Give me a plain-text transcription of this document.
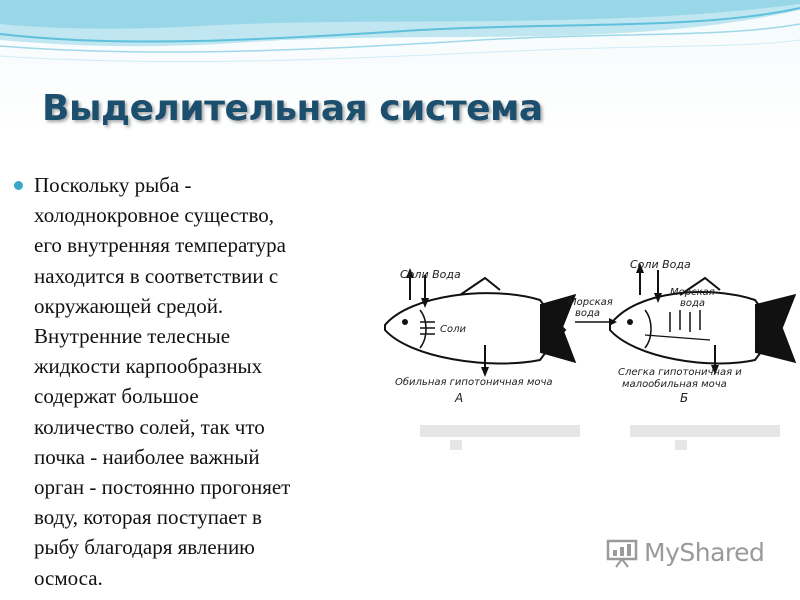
Выделительная система
Поскольку рыба -
холоднокровное существо,
его внутренняя температура
находится в соответствии с
окружающей средой.
Внутренние телесные
жидкости карпообразных
содержат большое
количество солей, так что
почка - наиболее важный
орган - постоянно прогоняет
воду, которая поступает в
рыбу благодаря явлению
осмоса.
Соли Вода
Соли
Обильная гипотоничная моча
А
Морская
вода
Соли Вода
Морская
вода
Слегка гипотоничная и
малообильная моча
Б
MyShared
